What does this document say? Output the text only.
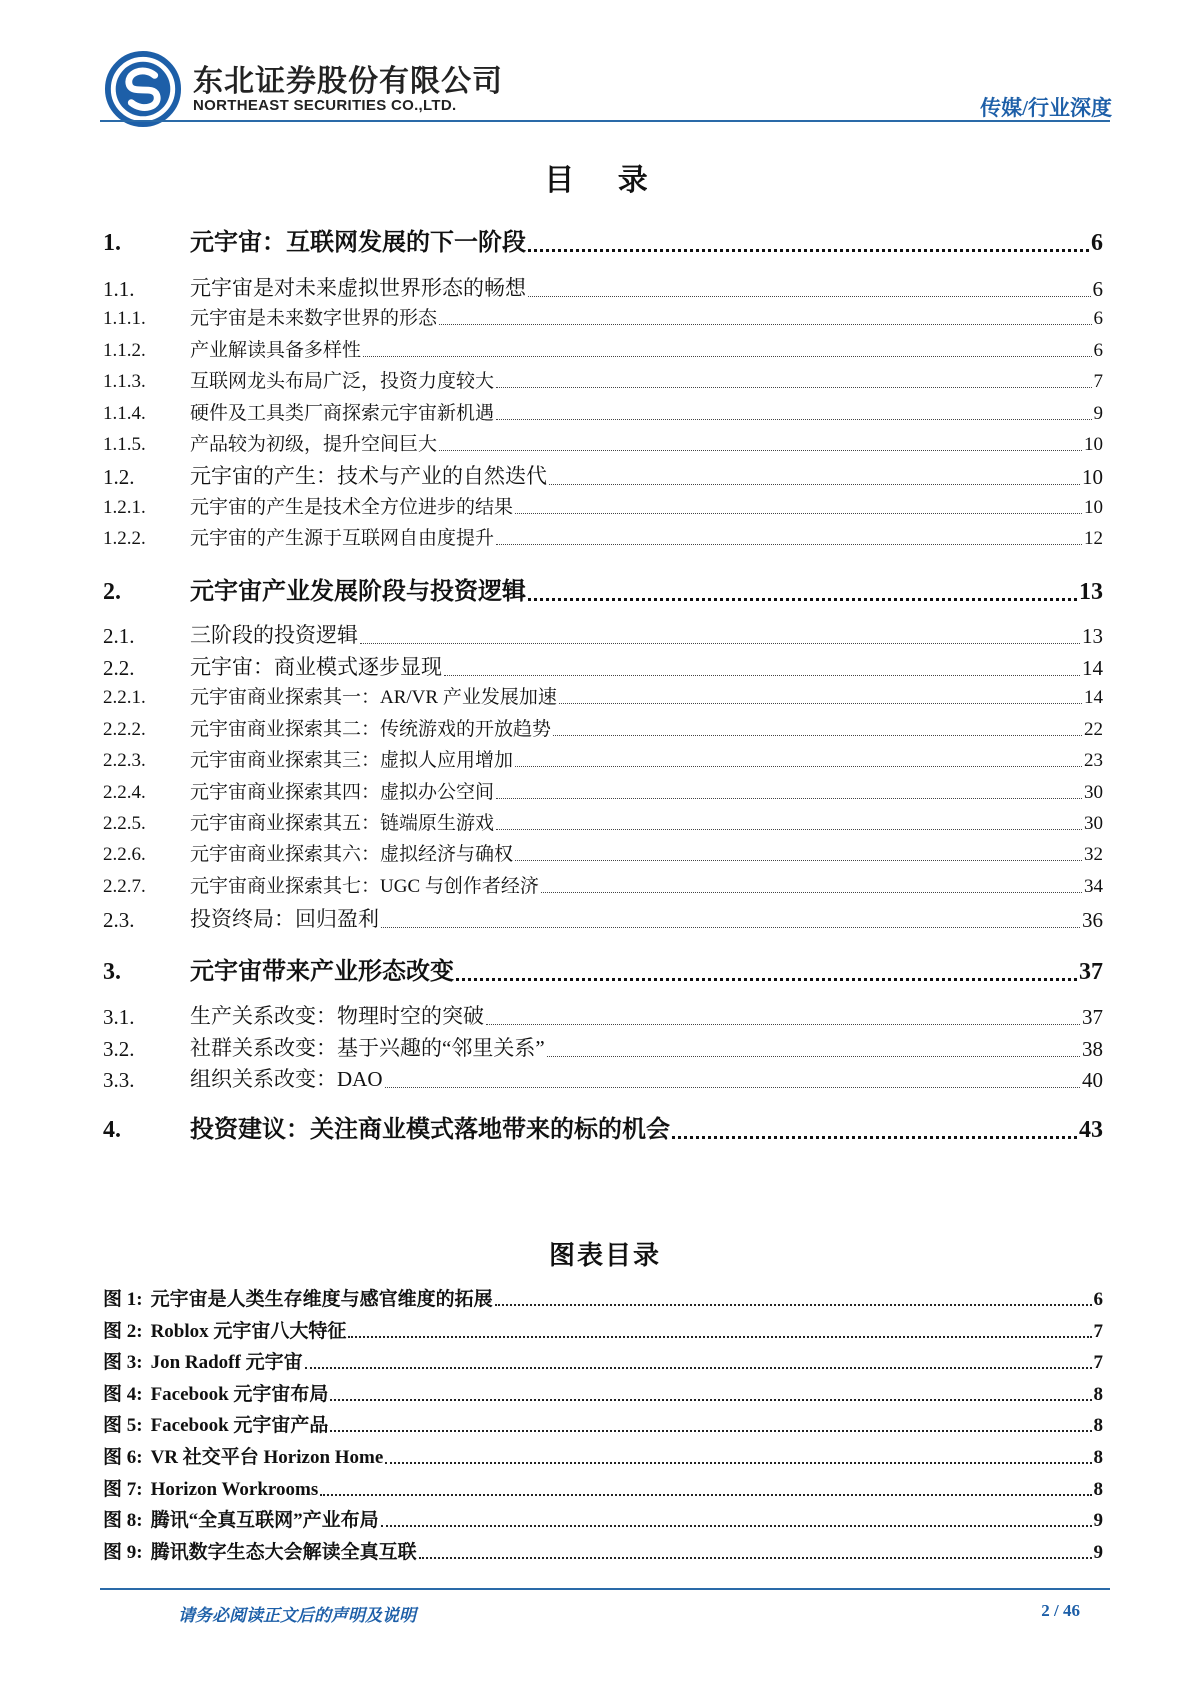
东北证券股份有限公司
NORTHEAST SECURITIES CO.,LTD.	传媒/行业深度
目 录
1.	元宇宙：互联网发展的下一阶段	6
1.1.	元宇宙是对未来虚拟世界形态的畅想	6
1.1.1.	元宇宙是未来数字世界的形态	6
1.1.2.	产业解读具备多样性	6
1.1.3.	互联网龙头布局广泛，投资力度较大	7
1.1.4.	硬件及工具类厂商探索元宇宙新机遇	9
1.1.5.	产品较为初级，提升空间巨大	10
1.2.	元宇宙的产生：技术与产业的自然迭代	10
1.2.1.	元宇宙的产生是技术全方位进步的结果	10
1.2.2.	元宇宙的产生源于互联网自由度提升	12
2.	元宇宙产业发展阶段与投资逻辑	13
2.1.	三阶段的投资逻辑	13
2.2.	元宇宙：商业模式逐步显现	14
2.2.1.	元宇宙商业探索其一：AR/VR 产业发展加速	14
2.2.2.	元宇宙商业探索其二：传统游戏的开放趋势	22
2.2.3.	元宇宙商业探索其三：虚拟人应用增加	23
2.2.4.	元宇宙商业探索其四：虚拟办公空间	30
2.2.5.	元宇宙商业探索其五：链端原生游戏	30
2.2.6.	元宇宙商业探索其六：虚拟经济与确权	32
2.2.7.	元宇宙商业探索其七：UGC 与创作者经济	34
2.3.	投资终局：回归盈利	36
3.	元宇宙带来产业形态改变	37
3.1.	生产关系改变：物理时空的突破	37
3.2.	社群关系改变：基于兴趣的“邻里关系”	38
3.3.	组织关系改变：DAO	40
4.	投资建议：关注商业模式落地带来的标的机会	43
图表目录
图 1: 元宇宙是人类生存维度与感官维度的拓展	6
图 2: Roblox 元宇宙八大特征	7
图 3: Jon Radoff 元宇宙	7
图 4: Facebook 元宇宙布局	8
图 5: Facebook 元宇宙产品	8
图 6: VR 社交平台 Horizon Home	8
图 7: Horizon Workrooms	8
图 8: 腾讯“全真互联网”产业布局	9
图 9: 腾讯数字生态大会解读全真互联	9
请务必阅读正文后的声明及说明	2 / 46
